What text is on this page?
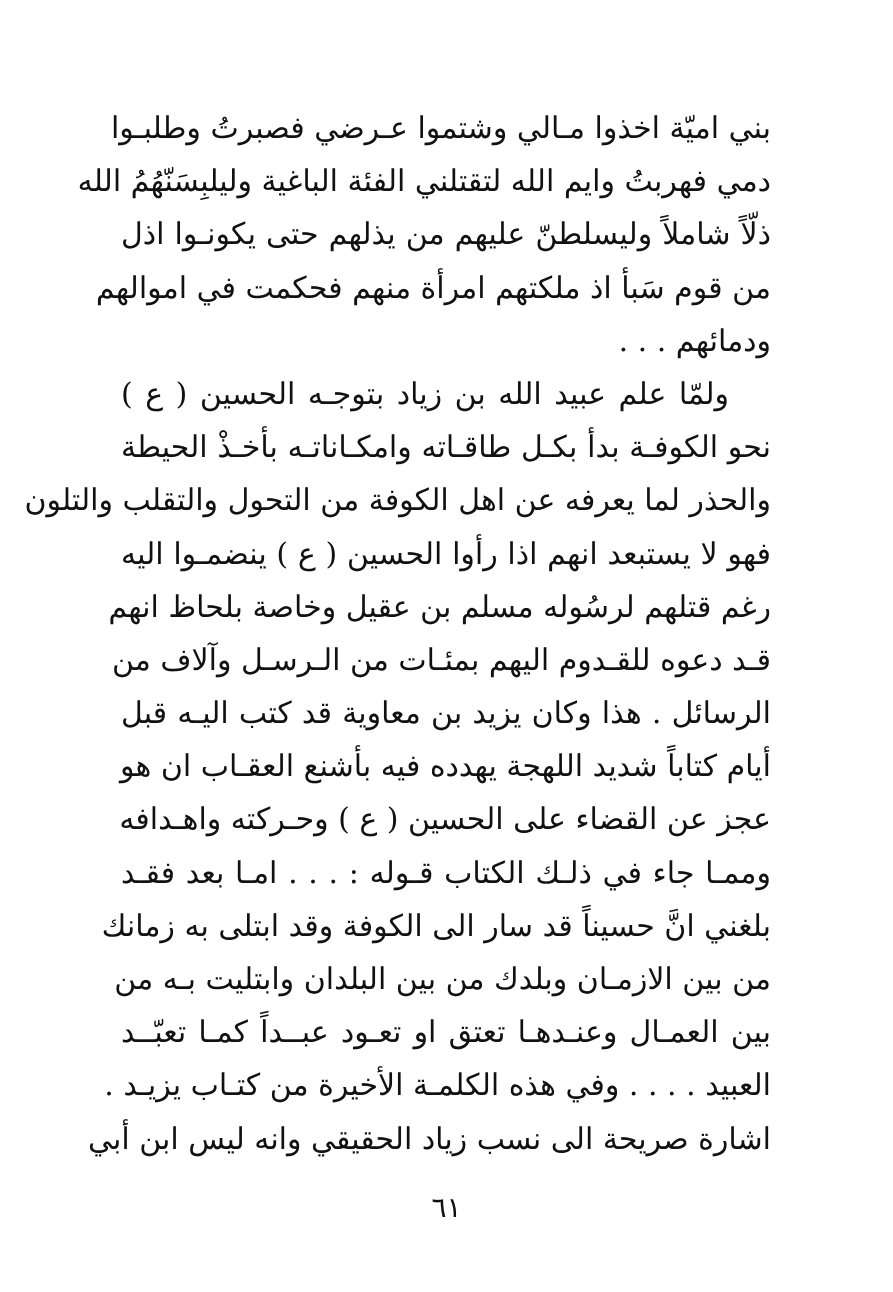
بني اميّة اخذوا مـالي وشتموا عـرضي فصبرتُ وطلبـوا
دمي فهربتُ وايم الله لتقتلني الفئة الباغية وليلبِسَنّهُمُ الله
ذلّاً شاملاً وليسلطنّ عليهم من يذلهم حتى يكونـوا اذل
من قوم سَبأ اذ ملكتهم امرأة منهم فحكمت في اموالهم
ودمائهم . . .
ولمّا علم عبيد الله بن زياد بتوجـه الحسين ( ع )
نحو الكوفـة بدأ بكـل طاقـاته وامكـاناتـه بأخـذْ الحيطة
والحذر لما يعرفه عن اهل الكوفة من التحول والتقلب والتلون
فهو لا يستبعد انهم اذا رأوا الحسين ( ع ) ينضمـوا اليه
رغم قتلهم لرسُوله مسلم بن عقيل وخاصة بلحاظ انهم
قـد دعوه للقـدوم اليهم بمئـات من الـرسـل وآلاف من
الرسائل . هذا وكان يزيد بن معاوية قد كتب اليـه قبل
أيام كتاباً شديد اللهجة يهدده فيه بأشنع العقـاب ان هو
عجز عن القضاء على الحسين ( ع ) وحـركته واهـدافه
وممـا جاء في ذلـك الكتاب قـوله : . . . امـا بعد فقـد
بلغني انَّ حسيناً قد سار الى الكوفة وقد ابتلى به زمانك
من بين الازمـان وبلدك من بين البلدان وابتليت بـه من
بين العمـال وعنـدهـا تعتق او تعـود عبــداً كمـا تعبّــد
العبيد . . . . وفي هذه الكلمـة الأخيرة من كتـاب يزيـد .
اشارة صريحة الى نسب زياد الحقيقي وانه ليس ابن أبي
٦١
